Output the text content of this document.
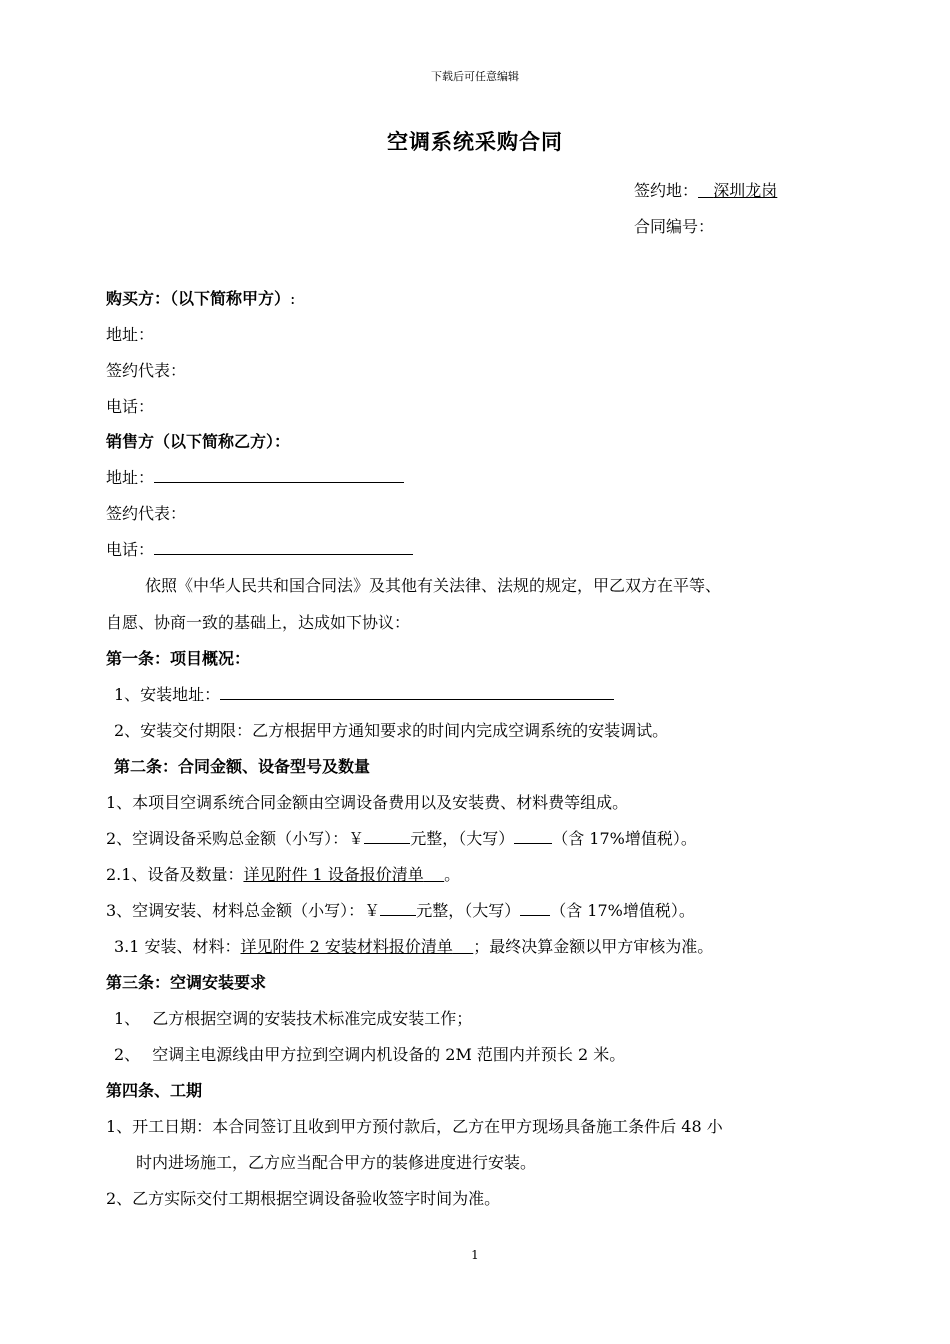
下载后可任意编辑
空调系统采购合同
签约地： 深圳龙岗
合同编号：
购买方：（以下简称甲方）:
地址：
签约代表：
电话：
销售方（以下简称乙方）：
地址：
签约代表：
电话：
依照《中华人民共和国合同法》及其他有关法律、法规的规定，甲乙双方在平等、
自愿、协商一致的基础上，达成如下协议：
第一条：项目概况：
1、安装地址：
2、安装交付期限：乙方根据甲方通知要求的时间内完成空调系统的安装调试。
第二条：合同金额、设备型号及数量
1、本项目空调系统合同金额由空调设备费用以及安装费、材料费等组成。
2、空调设备采购总金额（小写）：￥	元整，（大写） （含 17%增值税）。
2.1、设备及数量：详见附件 1 设备报价清单 。
3、空调安装、材料总金额（小写）：￥ 元整，（大写） （含 17%增值税）。
3.1 安装、材料：详见附件 2 安装材料报价清单 ；最终决算金额以甲方审核为准。
第三条：空调安装要求
1、 乙方根据空调的安装技术标准完成安装工作；
2、 空调主电源线由甲方拉到空调内机设备的 2M 范围内并预长 2 米。
第四条、工期
1、开工日期：本合同签订且收到甲方预付款后，乙方在甲方现场具备施工条件后 48 小
时内进场施工，乙方应当配合甲方的装修进度进行安装。
2、乙方实际交付工期根据空调设备验收签字时间为准。
1
